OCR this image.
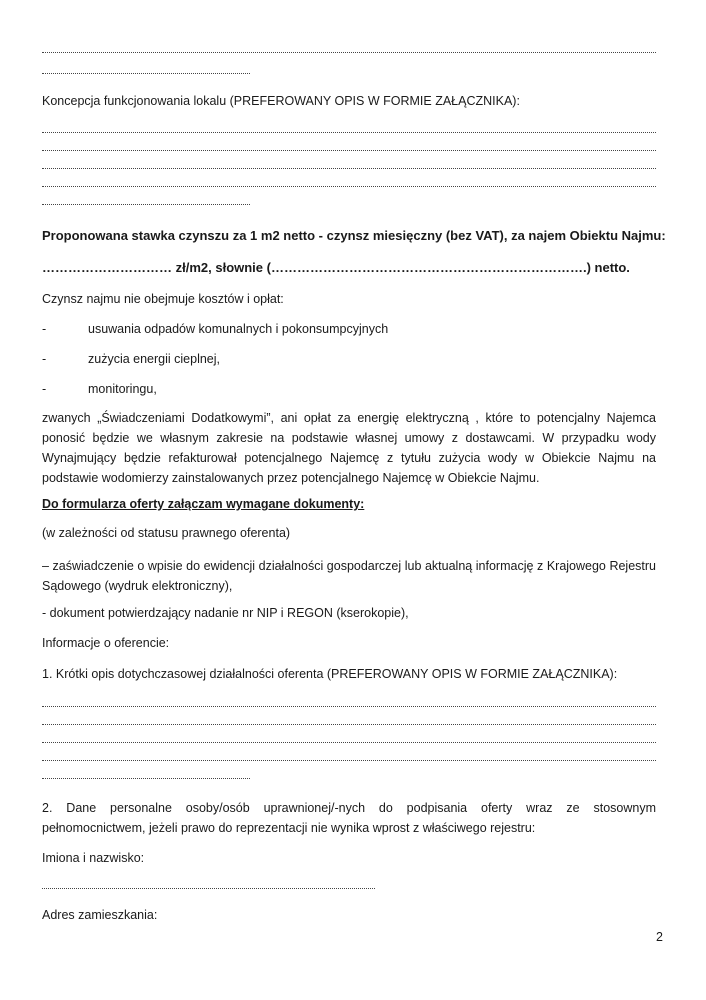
Koncepcja funkcjonowania lokalu (PREFEROWANY OPIS W FORMIE ZAŁĄCZNIKA):
Proponowana stawka czynszu za 1 m2 netto - czynsz miesięczny (bez VAT), za najem Obiektu Najmu:
………………………… zł/m2, słownie (……………………………………………………………….) netto.
Czynsz najmu nie obejmuje kosztów i opłat:
-	usuwania odpadów komunalnych i pokonsumpcyjnych
-	zużycia energii cieplnej,
-	monitoringu,
zwanych „Świadczeniami Dodatkowymi”, ani opłat za energię elektryczną , które to potencjalny Najemca ponosić będzie we własnym zakresie na podstawie własnej umowy z dostawcami. W przypadku wody Wynajmujący będzie refakturował potencjalnego Najemcę z tytułu zużycia wody w Obiekcie Najmu na podstawie wodomierzy zainstalowanych przez potencjalnego Najemcę w Obiekcie Najmu.
Do formularza oferty załączam wymagane dokumenty:
(w zależności od statusu prawnego oferenta)
– zaświadczenie o wpisie do ewidencji działalności gospodarczej lub aktualną informację z Krajowego Rejestru Sądowego (wydruk elektroniczny),
- dokument potwierdzający nadanie nr NIP i REGON (kserokopie),
Informacje o oferencie:
1. Krótki opis dotychczasowej działalności oferenta (PREFEROWANY OPIS W FORMIE ZAŁĄCZNIKA):
2. Dane personalne osoby/osób uprawnionej/-nych do podpisania oferty wraz ze stosownym pełnomocnictwem, jeżeli prawo do reprezentacji nie wynika wprost z właściwego rejestru:
Imiona i nazwisko:
Adres zamieszkania:
2
